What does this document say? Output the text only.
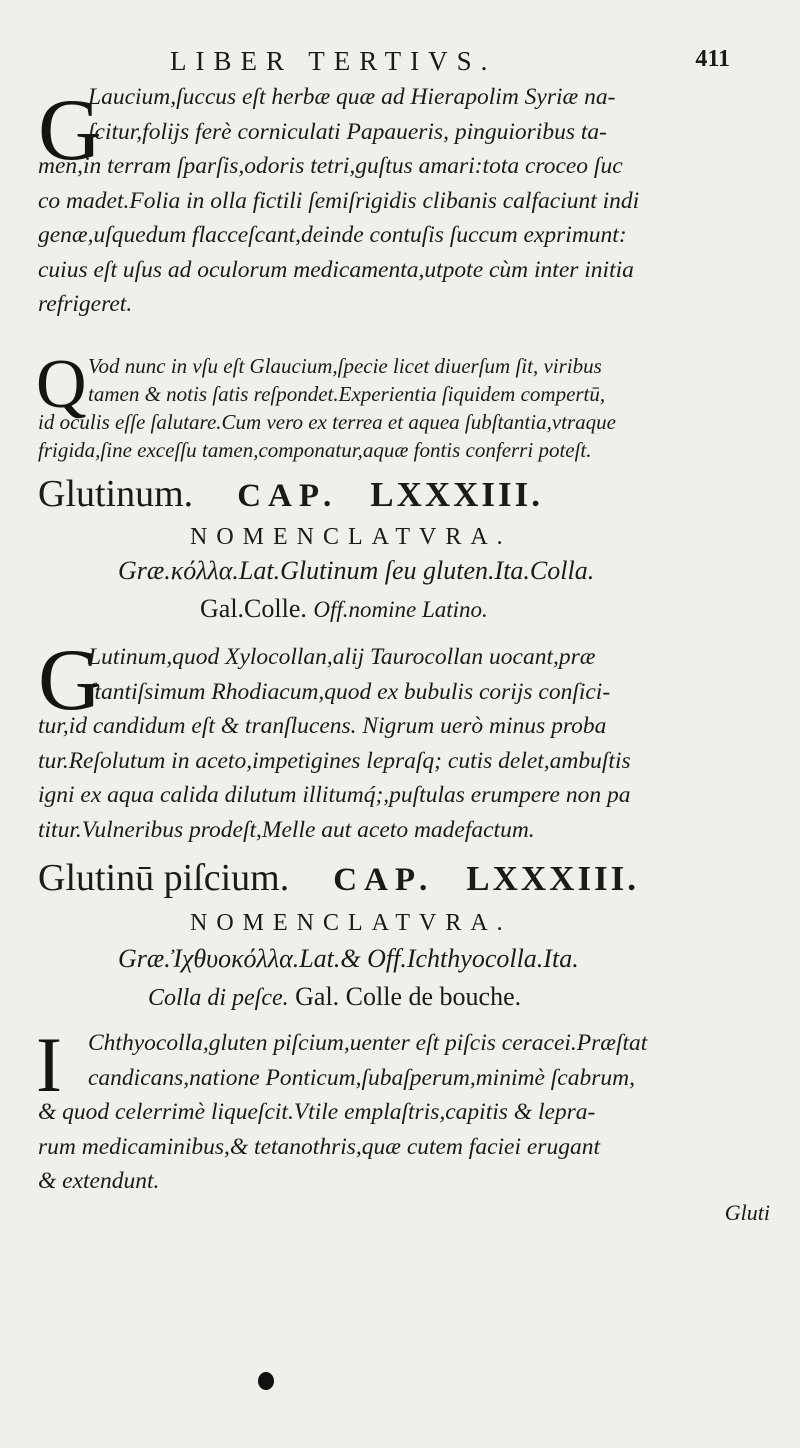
LIBER TERTIVS.	411
G
Laucium,ſuccus eſt herbæ quæ ad Hierapolim Syriæ na-
ſcitur,folijs ferè corniculati Papaueris, pinguioribus ta-
men,in terram ſparſis,odoris tetri,guſtus amari:tota croceo ſuc
co madet.Folia in olla fictili ſemiſrigidis clibanis calfaciunt indi
genæ,uſquedum flacceſcant,deinde contuſis ſuccum exprimunt:
cuius eſt uſus ad oculorum medicamenta,utpote cùm inter initia
refrigeret.
Q Vod nunc in vſu eſt Glaucium,ſpecie licet diuerſum ſit, viribus
tamen & notis ſatis reſpondet.Experientia ſiquidem compertū,
id oculis eſſe ſalutare.Cum vero ex terrea et aquea ſubſtantia,vtraque
frigida,ſine exceſſu tamen,componatur,aquæ fontis conferri poteſt.
Glutinum. CAP. LXXXIII.
NOMENCLATVRA.
Græ.κόλλα.Lat.Glutinum ſeu gluten.Ita.Colla.
Gal.Colle. Off.nomine Latino.
G
Lutinum,quod Xylocollan,alij Taurocollan uocant,præ
ſtantiſsimum Rhodiacum,quod ex bubulis corijs conſici-
tur,id candidum eſt & tranſlucens. Nigrum uerò minus proba
tur.Reſolutum in aceto,impetigines lepraſq; cutis delet,ambuſtis
igni ex aqua calida dilutum illitumq́;,puſtulas erumpere non pa
titur.Vulneribus prodeſt,Melle aut aceto madefactum.
Glutinū piſcium. CAP. LXXXIII.
NOMENCLATVRA.
Græ.Ἰχθυοκόλλα.Lat.& Off.Ichthyocolla.Ita.
Colla di peſce. Gal. Colle de bouche.
I	Chthyocolla,gluten piſcium,uenter eſt piſcis ceracei.Præſtat
candicans,natione Ponticum,ſubaſperum,minimè ſcabrum,
& quod celerrimè liqueſcit.Vtile emplaſtris,capitis & lepra-
rum medicaminibus,& tetanothris,quæ cutem faciei erugant
& extendunt.
Gluti
